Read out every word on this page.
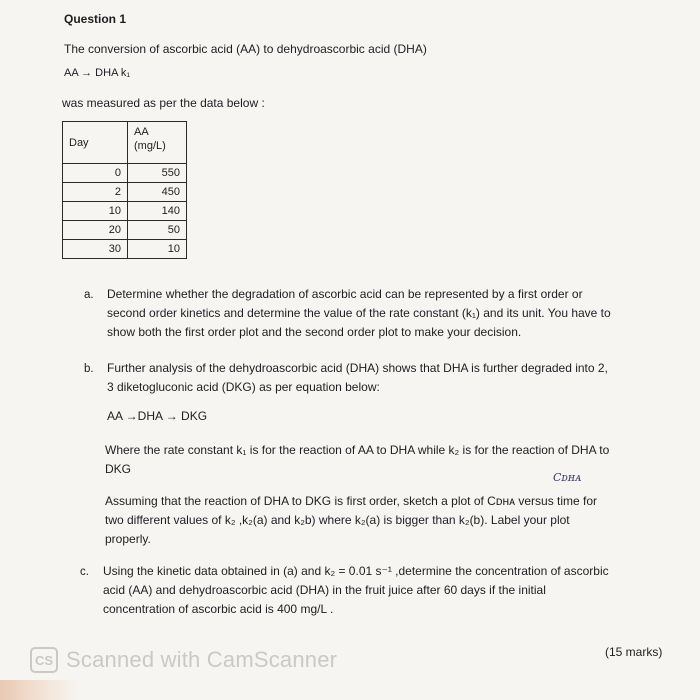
Question 1
The conversion of ascorbic acid (AA) to dehydroascorbic acid (DHA)
AA → DHA k₁
was measured as per the data below :
Day	AA
(mg/L)
0	550
2	450
10	140
20	50
30	10
a. Determine whether the degradation of ascorbic acid can be represented by a first order or
second order kinetics and determine the value of the rate constant (k₁) and its unit. You have to
show both the first order plot and the second order plot to make your decision.
b. Further analysis of the dehydroascorbic acid (DHA) shows that DHA is further degraded into 2,
3 diketogluconic acid (DKG) as per equation below:
AA →DHA → DKG
Where the rate constant k₁ is for the reaction of AA to DHA while k₂ is for the reaction of DHA to
DKG
Cᴅʜᴀ
Assuming that the reaction of DHA to DKG is first order, sketch a plot of Cᴅʜᴀ versus time for
two different values of k₂ ,k₂(a) and k₂b) where k₂(a) is bigger than k₂(b). Label your plot
properly.
c. Using the kinetic data obtained in (a) and k₂ = 0.01 s⁻¹ ,determine the concentration of ascorbic
acid (AA) and dehydroascorbic acid (DHA) in the fruit juice after 60 days if the initial
concentration of ascorbic acid is 400 mg/L .
(15 marks)
CS Scanned with CamScanner
